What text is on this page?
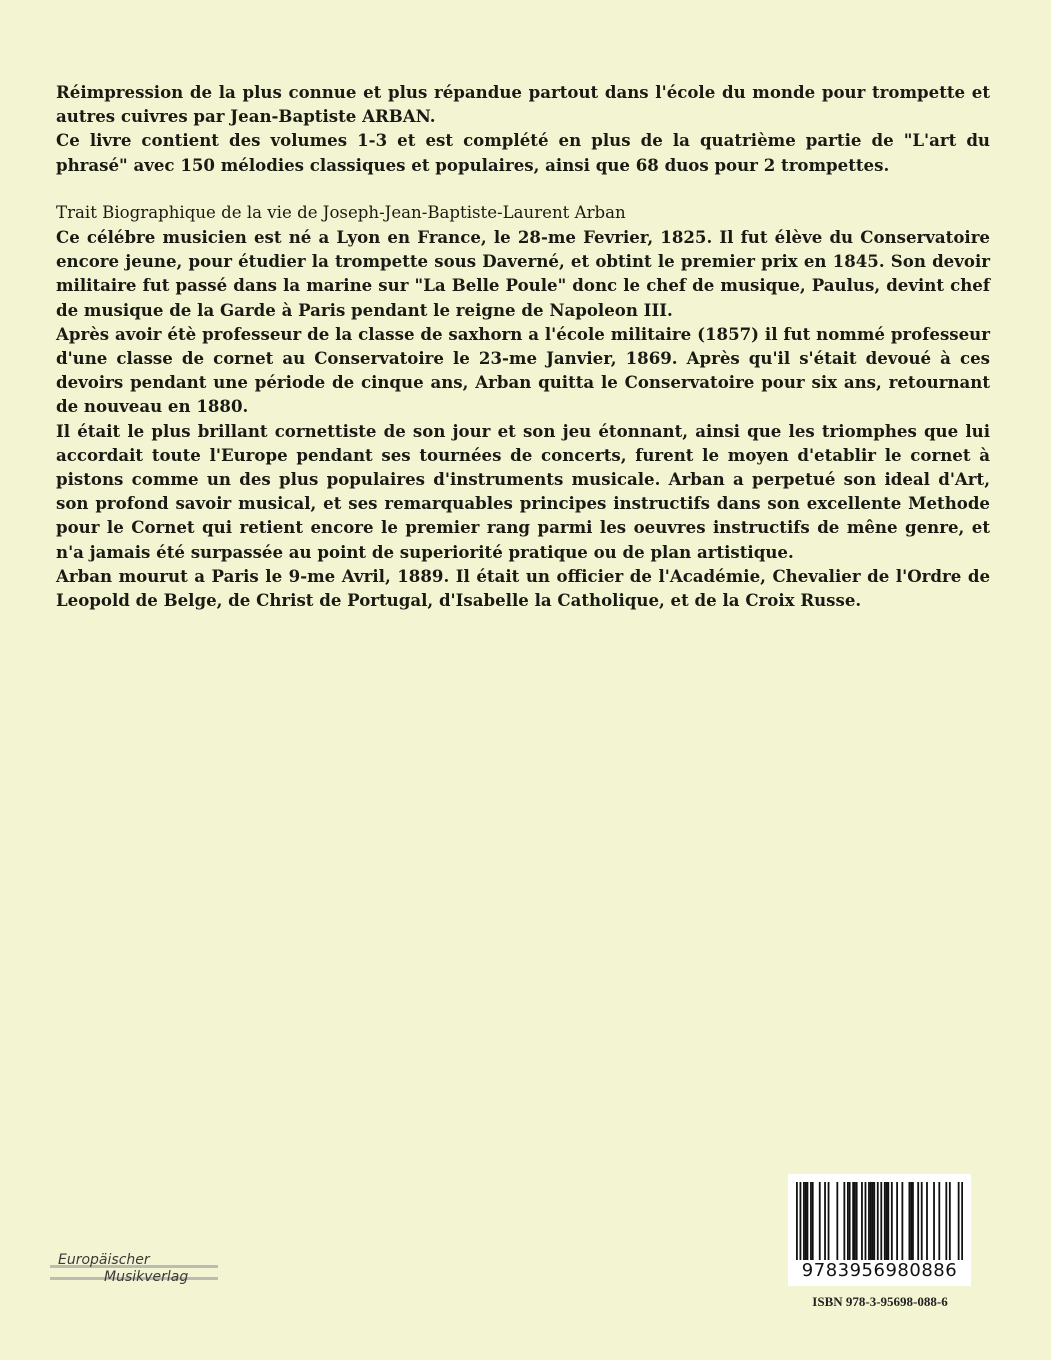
Réimpression de la plus connue et plus répandue partout dans l'école du monde pour trompette et autres cuivres par Jean-Baptiste ARBAN.

Ce livre contient des volumes 1-3 et est complété en plus de la quatrième partie de "L'art du phrasé" avec 150 mélodies classiques et populaires, ainsi que 68 duos pour 2 trompettes.

Trait Biographique de la vie de Joseph-Jean-Baptiste-Laurent Arban

Ce célébre musicien est né a Lyon en France, le 28-me Fevrier, 1825. Il fut élève du Conservatoire encore jeune, pour étudier la trompette sous Daverné, et obtint le premier prix en 1845. Son devoir militaire fut passé dans la marine sur "La Belle Poule" donc le chef de musique, Paulus, devint chef de musique de la Garde à Paris pendant le reigne de Napoleon III.

Après avoir étè professeur de la classe de saxhorn a l'école militaire (1857) il fut nommé professeur d'une classe de cornet au Conservatoire le 23-me Janvier, 1869. Après qu'il s'était devoué à ces devoirs pendant une période de cinque ans, Arban quitta le Conservatoire pour six ans, retournant de nouveau en 1880.

Il était le plus brillant cornettiste de son jour et son jeu étonnant, ainsi que les triomphes que lui accordait toute l'Europe pendant ses tournées de concerts, furent le moyen d'etablir le cornet à pistons comme un des plus populaires d'instruments musicale. Arban a perpetué son ideal d'Art, son profond savoir musical, et ses remarquables principes instructifs dans son excellente Methode pour le Cornet qui retient encore le premier rang parmi les oeuvres instructifs de mêne genre, et n'a jamais été surpassée au point de superiorité pratique ou de plan artistique.

Arban mourut a Paris le 9-me Avril, 1889. Il était un officier de l'Académie, Chevalier de l'Ordre de Leopold de Belge, de Christ de Portugal, d'Isabelle la Catholique, et de la Croix Russe.

Europäischer
Musikverlag	9783956980886
ISBN 978-3-95698-088-6
